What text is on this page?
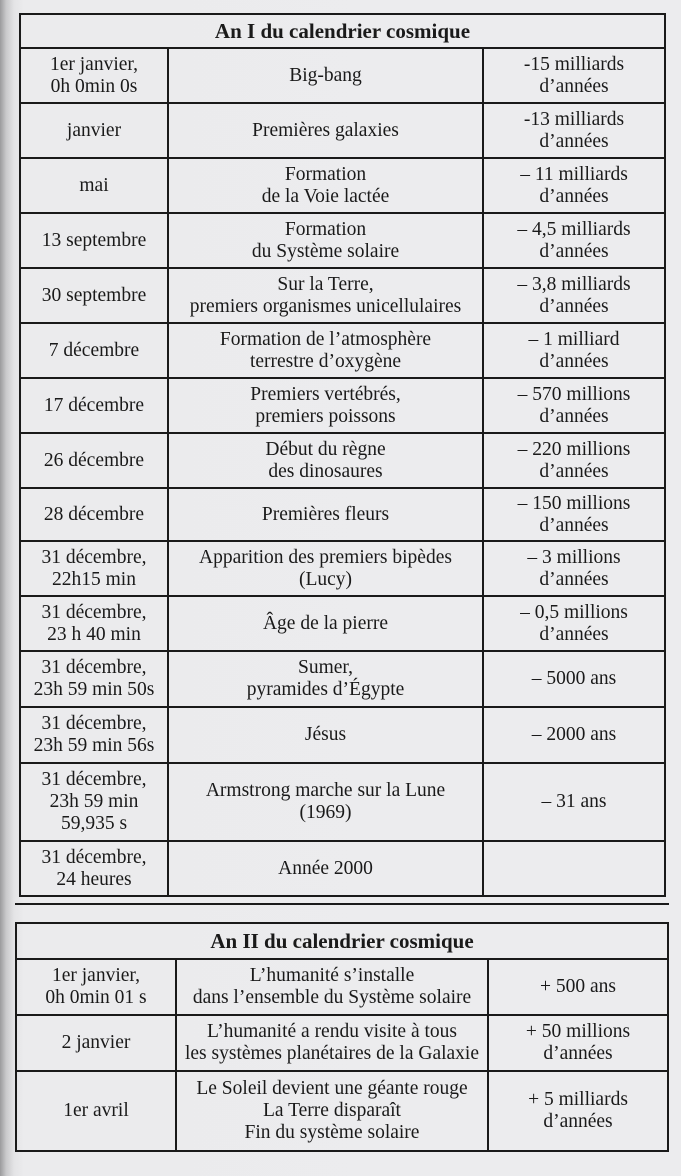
An I du calendrier cosmique		

1er janvier,
0h 0min 0s	Big-bang	-15 milliards
d’années

janvier	Premières galaxies	-13 milliards
d’années

mai	Formation
de la Voie lactée	– 11 milliards
d’années

13 septembre	Formation
du Système solaire	– 4,5 milliards
d’années

30 septembre	Sur la Terre,
premiers organismes unicellulaires	– 3,8 milliards
d’années

7 décembre	Formation de l’atmosphère
terrestre d’oxygène	– 1 milliard
d’années

17 décembre	Premiers vertébrés,
premiers poissons	– 570 millions
d’années

26 décembre	Début du règne
des dinosaures	– 220 millions
d’années

28 décembre	Premières fleurs	– 150 millions
d’années

31 décembre,
22h15 min	Apparition des premiers bipèdes
(Lucy)	– 3 millions
d’années

31 décembre,
23 h 40 min	Âge de la pierre	– 0,5 millions
d’années

31 décembre,
23h 59 min 50s	Sumer,
pyramides d’Égypte	– 5000 ans

31 décembre,
23h 59 min 56s	Jésus	– 2000 ans

31 décembre,
23h 59 min
59,935 s	Armstrong marche sur la Lune
(1969)	– 31 ans

31 décembre,
24 heures	Année 2000	

An II du calendrier cosmique		

1er janvier,
0h 0min 01 s	L’humanité s’installe
dans l’ensemble du Système solaire	+ 500 ans

2 janvier	L’humanité a rendu visite à tous
les systèmes planétaires de la Galaxie	+ 50 millions
d’années

1er avril	Le Soleil devient une géante rouge
La Terre disparaît
Fin du système solaire	+ 5 milliards
d’années
